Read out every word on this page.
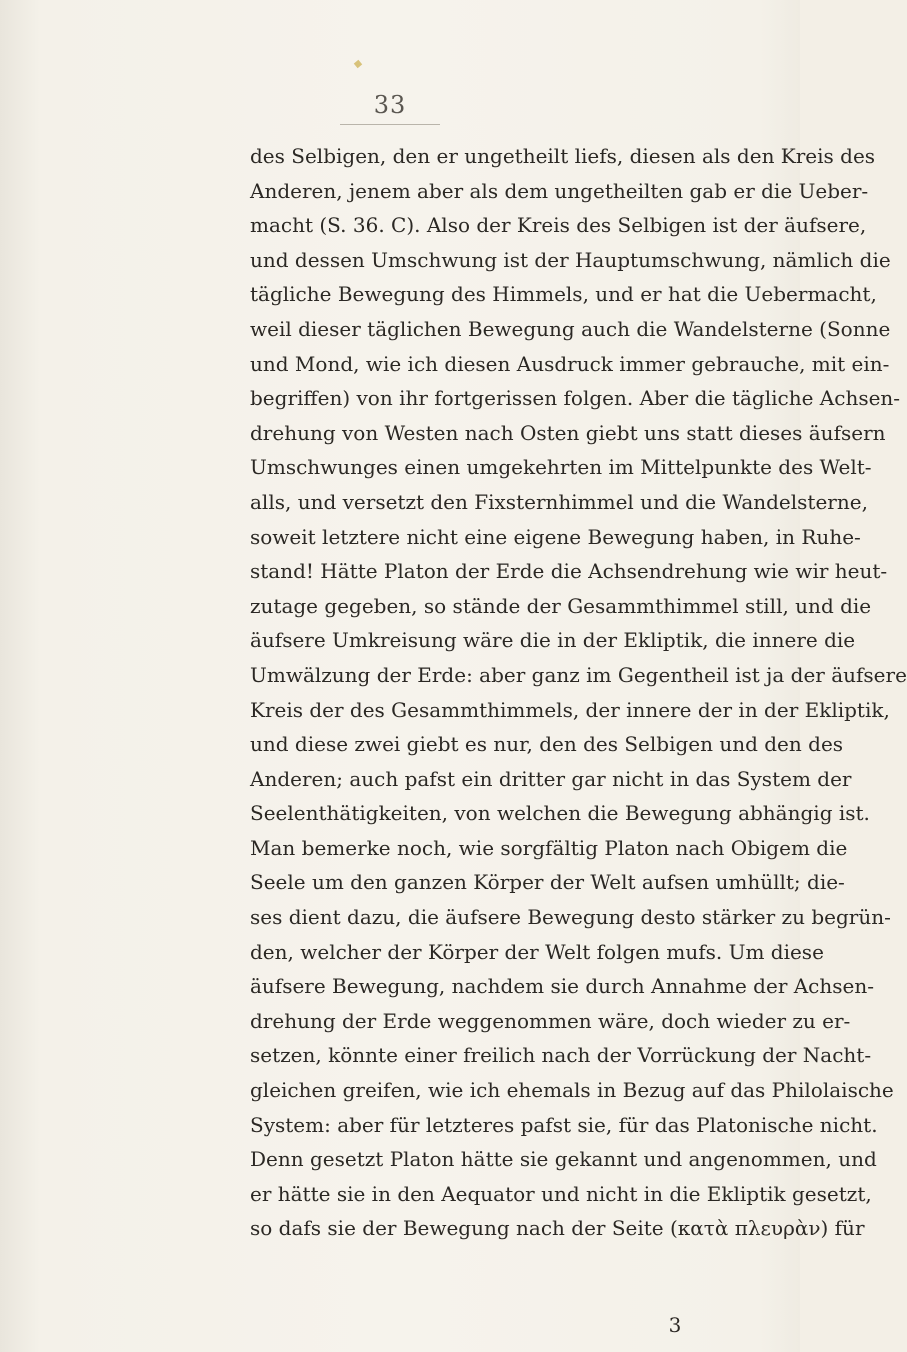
33
des Selbigen, den er ungetheilt liefs, diesen als den Kreis des
Anderen, jenem aber als dem ungetheilten gab er die Ueber-
macht (S. 36. C). Also der Kreis des Selbigen ist der äufsere,
und dessen Umschwung ist der Hauptumschwung, nämlich die
tägliche Bewegung des Himmels, und er hat die Uebermacht,
weil dieser täglichen Bewegung auch die Wandelsterne (Sonne
und Mond, wie ich diesen Ausdruck immer gebrauche, mit ein-
begriffen) von ihr fortgerissen folgen. Aber die tägliche Achsen-
drehung von Westen nach Osten giebt uns statt dieses äufsern
Umschwunges einen umgekehrten im Mittelpunkte des Welt-
alls, und versetzt den Fixsternhimmel und die Wandelsterne,
soweit letztere nicht eine eigene Bewegung haben, in Ruhe-
stand! Hätte Platon der Erde die Achsendrehung wie wir heut-
zutage gegeben, so stände der Gesammthimmel still, und die
äufsere Umkreisung wäre die in der Ekliptik, die innere die
Umwälzung der Erde: aber ganz im Gegentheil ist ja der äufsere
Kreis der des Gesammthimmels, der innere der in der Ekliptik,
und diese zwei giebt es nur, den des Selbigen und den des
Anderen; auch pafst ein dritter gar nicht in das System der
Seelenthätigkeiten, von welchen die Bewegung abhängig ist.
Man bemerke noch, wie sorgfältig Platon nach Obigem die
Seele um den ganzen Körper der Welt aufsen umhüllt; die-
ses dient dazu, die äufsere Bewegung desto stärker zu begrün-
den, welcher der Körper der Welt folgen mufs. Um diese
äufsere Bewegung, nachdem sie durch Annahme der Achsen-
drehung der Erde weggenommen wäre, doch wieder zu er-
setzen, könnte einer freilich nach der Vorrückung der Nacht-
gleichen greifen, wie ich ehemals in Bezug auf das Philolaische
System: aber für letzteres pafst sie, für das Platonische nicht.
Denn gesetzt Platon hätte sie gekannt und angenommen, und
er hätte sie in den Aequator und nicht in die Ekliptik gesetzt,
so dafs sie der Bewegung nach der Seite (κατὰ πλευρὰν) für
3
